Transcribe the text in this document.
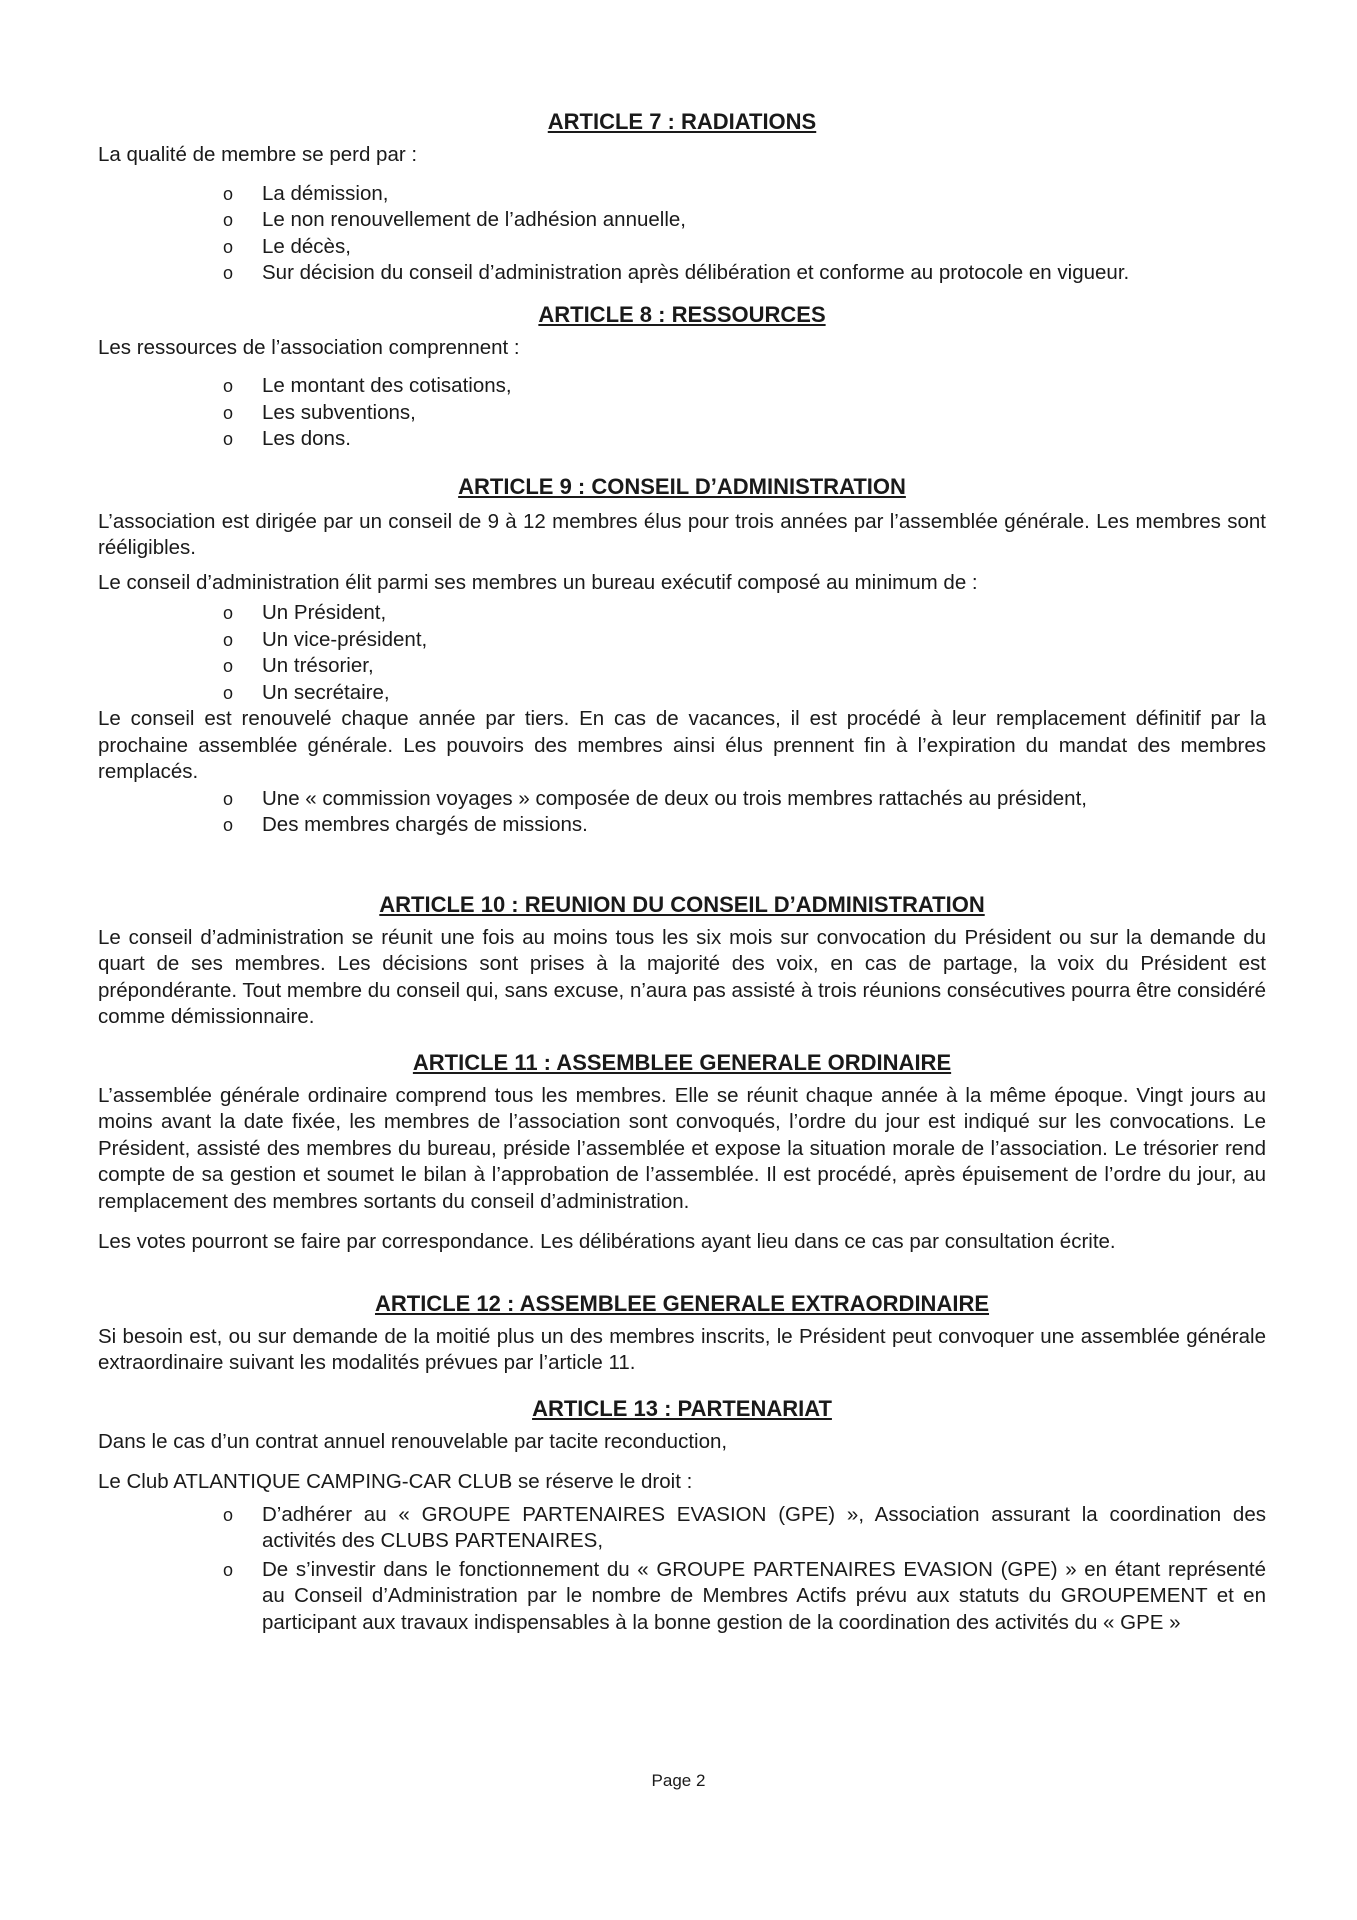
ARTICLE 7 : RADIATIONS

La qualité de membre se perd par :

o La démission,
o Le non renouvellement de l’adhésion annuelle,
o Le décès,
o Sur décision du conseil d’administration après délibération et conforme au protocole en vigueur.
ARTICLE 8 : RESSOURCES

Les ressources de l’association comprennent :

o Le montant des cotisations,
o Les subventions,
o Les dons.
ARTICLE 9 : CONSEIL D’ADMINISTRATION

L’association est dirigée par un conseil de 9 à 12 membres élus pour trois années par l’assemblée générale. Les membres sont rééligibles.

Le conseil d’administration élit parmi ses membres un bureau exécutif composé au minimum de :

o Un Président,
o Un vice-président,
o Un trésorier,
o Un secrétaire,

Le conseil est renouvelé chaque année par tiers. En cas de vacances, il est procédé à leur remplacement définitif par la prochaine assemblée générale. Les pouvoirs des membres ainsi élus prennent fin à l’expiration du mandat des membres remplacés.

o Une « commission voyages » composée de deux ou trois membres rattachés au président,
o Des membres chargés de missions.
ARTICLE 10 : REUNION DU CONSEIL D’ADMINISTRATION

Le conseil d’administration se réunit une fois au moins tous les six mois sur convocation du Président ou sur la demande du quart de ses membres. Les décisions sont prises à la majorité des voix, en cas de partage, la voix du Président est prépondérante. Tout membre du conseil qui, sans excuse, n’aura pas assisté à trois réunions consécutives pourra être considéré comme démissionnaire.

ARTICLE 11 : ASSEMBLEE GENERALE ORDINAIRE

L’assemblée générale ordinaire comprend tous les membres. Elle se réunit chaque année à la même époque. Vingt jours au moins avant la date fixée, les membres de l’association sont convoqués, l’ordre du jour est indiqué sur les convocations. Le Président, assisté des membres du bureau, préside l’assemblée et expose la situation morale de l’association. Le trésorier rend compte de sa gestion et soumet le bilan à l’approbation de l’assemblée. Il est procédé, après épuisement de l’ordre du jour, au remplacement des membres sortants du conseil d’administration.

Les votes pourront se faire par correspondance. Les délibérations ayant lieu dans ce cas par consultation écrite.

ARTICLE 12 : ASSEMBLEE GENERALE EXTRAORDINAIRE

Si besoin est, ou sur demande de la moitié plus un des membres inscrits, le Président peut convoquer une assemblée générale extraordinaire suivant les modalités prévues par l’article 11.

ARTICLE 13 : PARTENARIAT

Dans le cas d’un contrat annuel renouvelable par tacite reconduction,

Le Club ATLANTIQUE CAMPING-CAR CLUB se réserve le droit :

o D’adhérer au « GROUPE PARTENAIRES EVASION (GPE) », Association assurant la coordination des activités des CLUBS PARTENAIRES,
o De s’investir dans le fonctionnement du « GROUPE PARTENAIRES EVASION (GPE) » en étant représenté au Conseil d’Administration par le nombre de Membres Actifs prévu aux statuts du GROUPEMENT et en participant aux travaux indispensables à la bonne gestion de la coordination des activités du « GPE »
Page 2
